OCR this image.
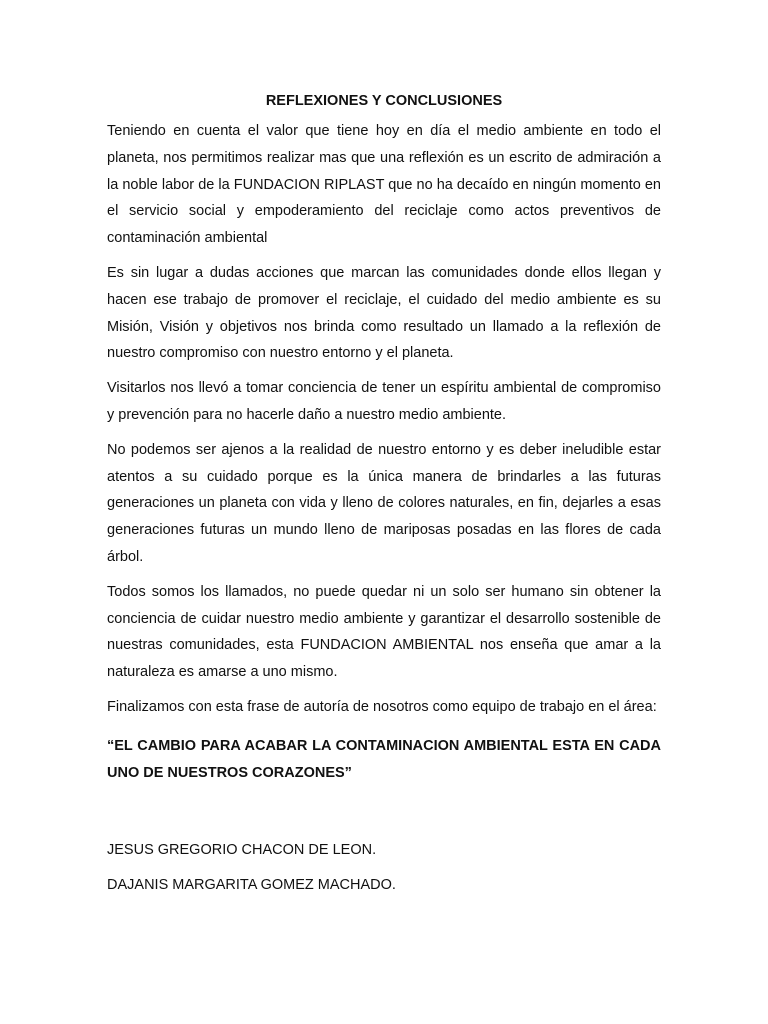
REFLEXIONES Y CONCLUSIONES

Teniendo en cuenta el valor que tiene hoy en día el medio ambiente en todo el planeta, nos permitimos realizar mas que una reflexión es un escrito de admiración a la noble labor de la FUNDACION RIPLAST que no ha decaído en ningún momento en el servicio social y empoderamiento del reciclaje como actos preventivos de contaminación ambiental

Es sin lugar a dudas acciones que marcan las comunidades donde ellos llegan y hacen ese trabajo de promover el reciclaje, el cuidado del medio ambiente es su Misión, Visión y objetivos nos brinda como resultado un llamado a la reflexión de nuestro compromiso con nuestro entorno y el planeta.

Visitarlos nos llevó a tomar conciencia de tener un espíritu ambiental de compromiso y prevención para no hacerle daño a nuestro medio ambiente.

No podemos ser ajenos a la realidad de nuestro entorno y es deber ineludible estar atentos a su cuidado porque es la única manera de brindarles a las futuras generaciones un planeta con vida y lleno de colores naturales, en fin, dejarles a esas generaciones futuras un mundo lleno de mariposas posadas en las flores de cada árbol.

Todos somos los llamados, no puede quedar ni un solo ser humano sin obtener la conciencia de cuidar nuestro medio ambiente y garantizar el desarrollo sostenible de nuestras comunidades, esta FUNDACION AMBIENTAL nos enseña que amar a la naturaleza es amarse a uno mismo.

Finalizamos con esta frase de autoría de nosotros como equipo de trabajo en el área:

“EL CAMBIO PARA ACABAR LA CONTAMINACION AMBIENTAL ESTA EN CADA UNO DE NUESTROS CORAZONES”

JESUS GREGORIO CHACON DE LEON.

DAJANIS MARGARITA GOMEZ MACHADO.
